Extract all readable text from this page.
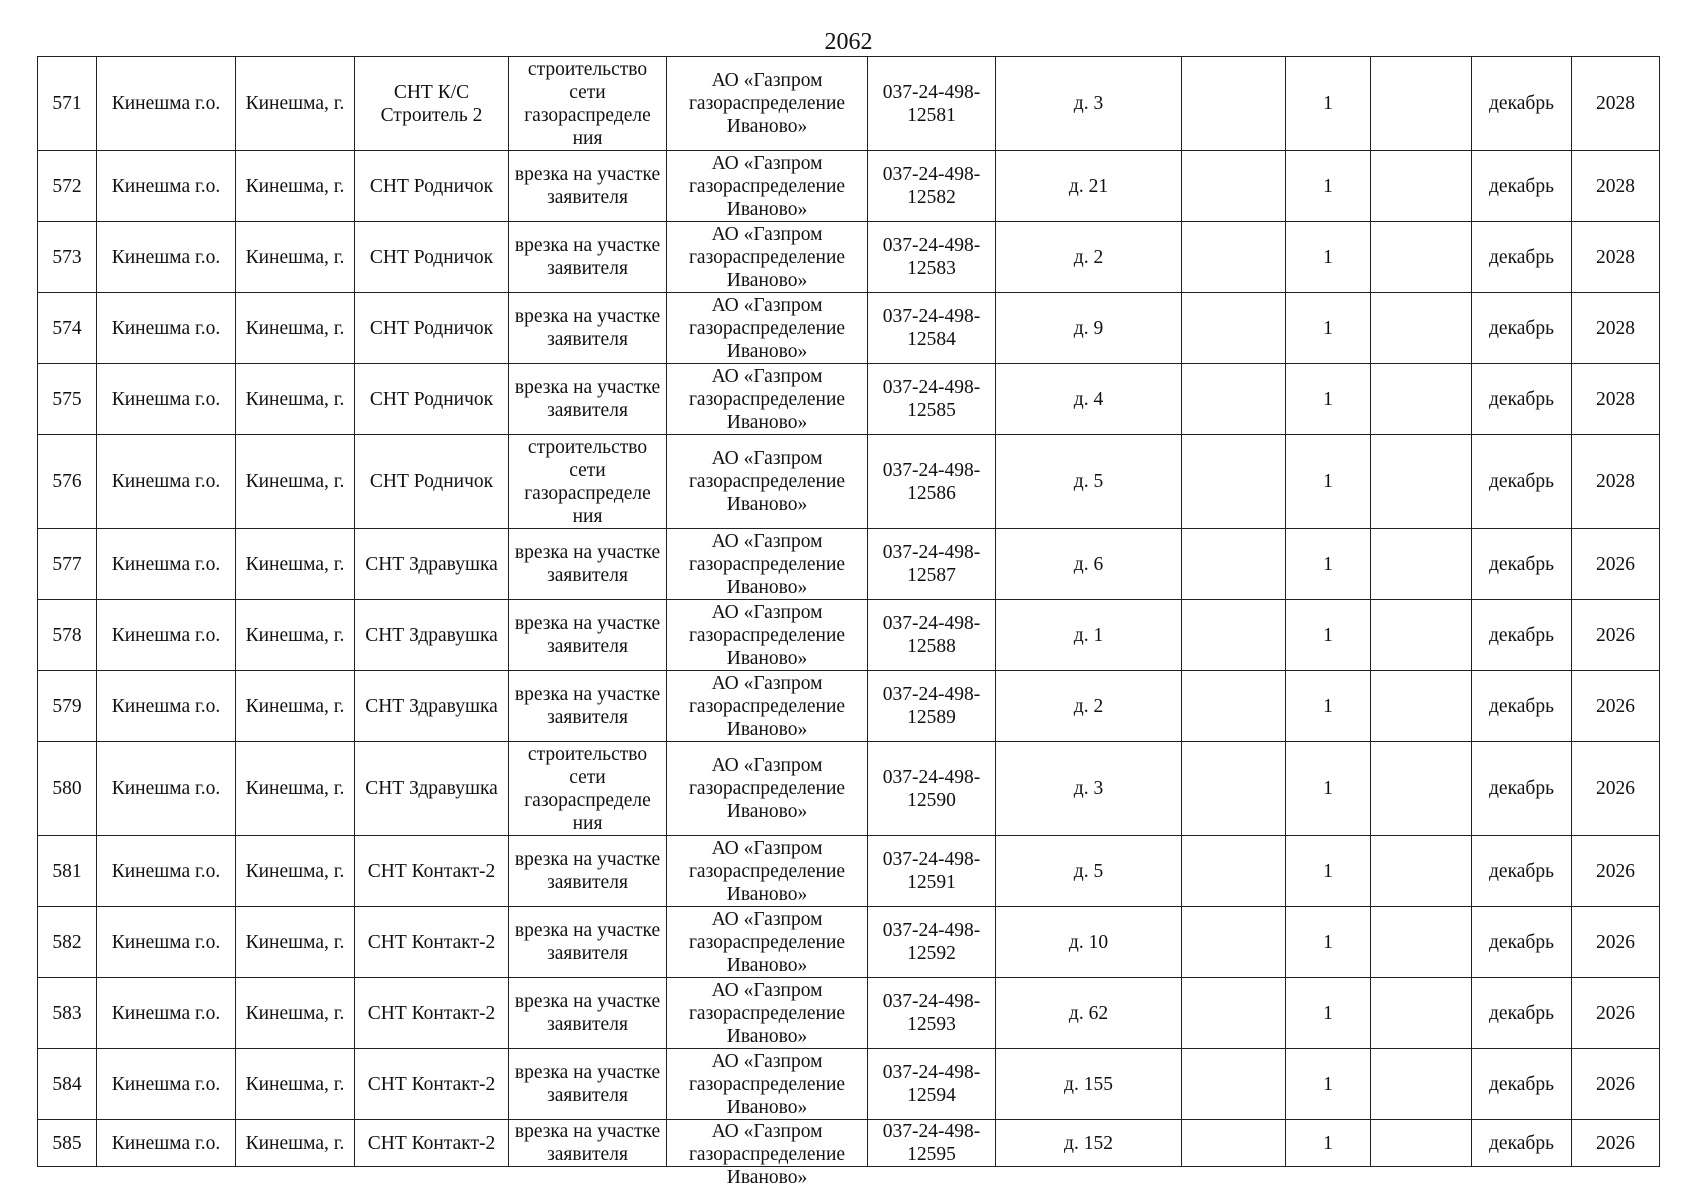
2062
571	Кинешма г.о.	Кинешма, г.	СНТ К/С Строитель 2	строительство сети газораспределе ния	АО «Газпром газораспределение Иваново»	037-24-498-12581	д. 3		1		декабрь	2028
572	Кинешма г.о.	Кинешма, г.	СНТ Родничок	врезка на участке заявителя	АО «Газпром газораспределение Иваново»	037-24-498-12582	д. 21		1		декабрь	2028
573	Кинешма г.о.	Кинешма, г.	СНТ Родничок	врезка на участке заявителя	АО «Газпром газораспределение Иваново»	037-24-498-12583	д. 2		1		декабрь	2028
574	Кинешма г.о.	Кинешма, г.	СНТ Родничок	врезка на участке заявителя	АО «Газпром газораспределение Иваново»	037-24-498-12584	д. 9		1		декабрь	2028
575	Кинешма г.о.	Кинешма, г.	СНТ Родничок	врезка на участке заявителя	АО «Газпром газораспределение Иваново»	037-24-498-12585	д. 4		1		декабрь	2028
576	Кинешма г.о.	Кинешма, г.	СНТ Родничок	строительство сети газораспределе ния	АО «Газпром газораспределение Иваново»	037-24-498-12586	д. 5		1		декабрь	2028
577	Кинешма г.о.	Кинешма, г.	СНТ Здравушка	врезка на участке заявителя	АО «Газпром газораспределение Иваново»	037-24-498-12587	д. 6		1		декабрь	2026
578	Кинешма г.о.	Кинешма, г.	СНТ Здравушка	врезка на участке заявителя	АО «Газпром газораспределение Иваново»	037-24-498-12588	д. 1		1		декабрь	2026
579	Кинешма г.о.	Кинешма, г.	СНТ Здравушка	врезка на участке заявителя	АО «Газпром газораспределение Иваново»	037-24-498-12589	д. 2		1		декабрь	2026
580	Кинешма г.о.	Кинешма, г.	СНТ Здравушка	строительство сети газораспределе ния	АО «Газпром газораспределение Иваново»	037-24-498-12590	д. 3		1		декабрь	2026
581	Кинешма г.о.	Кинешма, г.	СНТ Контакт-2	врезка на участке заявителя	АО «Газпром газораспределение Иваново»	037-24-498-12591	д. 5		1		декабрь	2026
582	Кинешма г.о.	Кинешма, г.	СНТ Контакт-2	врезка на участке заявителя	АО «Газпром газораспределение Иваново»	037-24-498-12592	д. 10		1		декабрь	2026
583	Кинешма г.о.	Кинешма, г.	СНТ Контакт-2	врезка на участке заявителя	АО «Газпром газораспределение Иваново»	037-24-498-12593	д. 62		1		декабрь	2026
584	Кинешма г.о.	Кинешма, г.	СНТ Контакт-2	врезка на участке заявителя	АО «Газпром газораспределение Иваново»	037-24-498-12594	д. 155		1		декабрь	2026
585	Кинешма г.о.	Кинешма, г.	СНТ Контакт-2	врезка на участке заявителя	АО «Газпром газораспределение Иваново»	037-24-498-12595	д. 152		1		декабрь	2026
